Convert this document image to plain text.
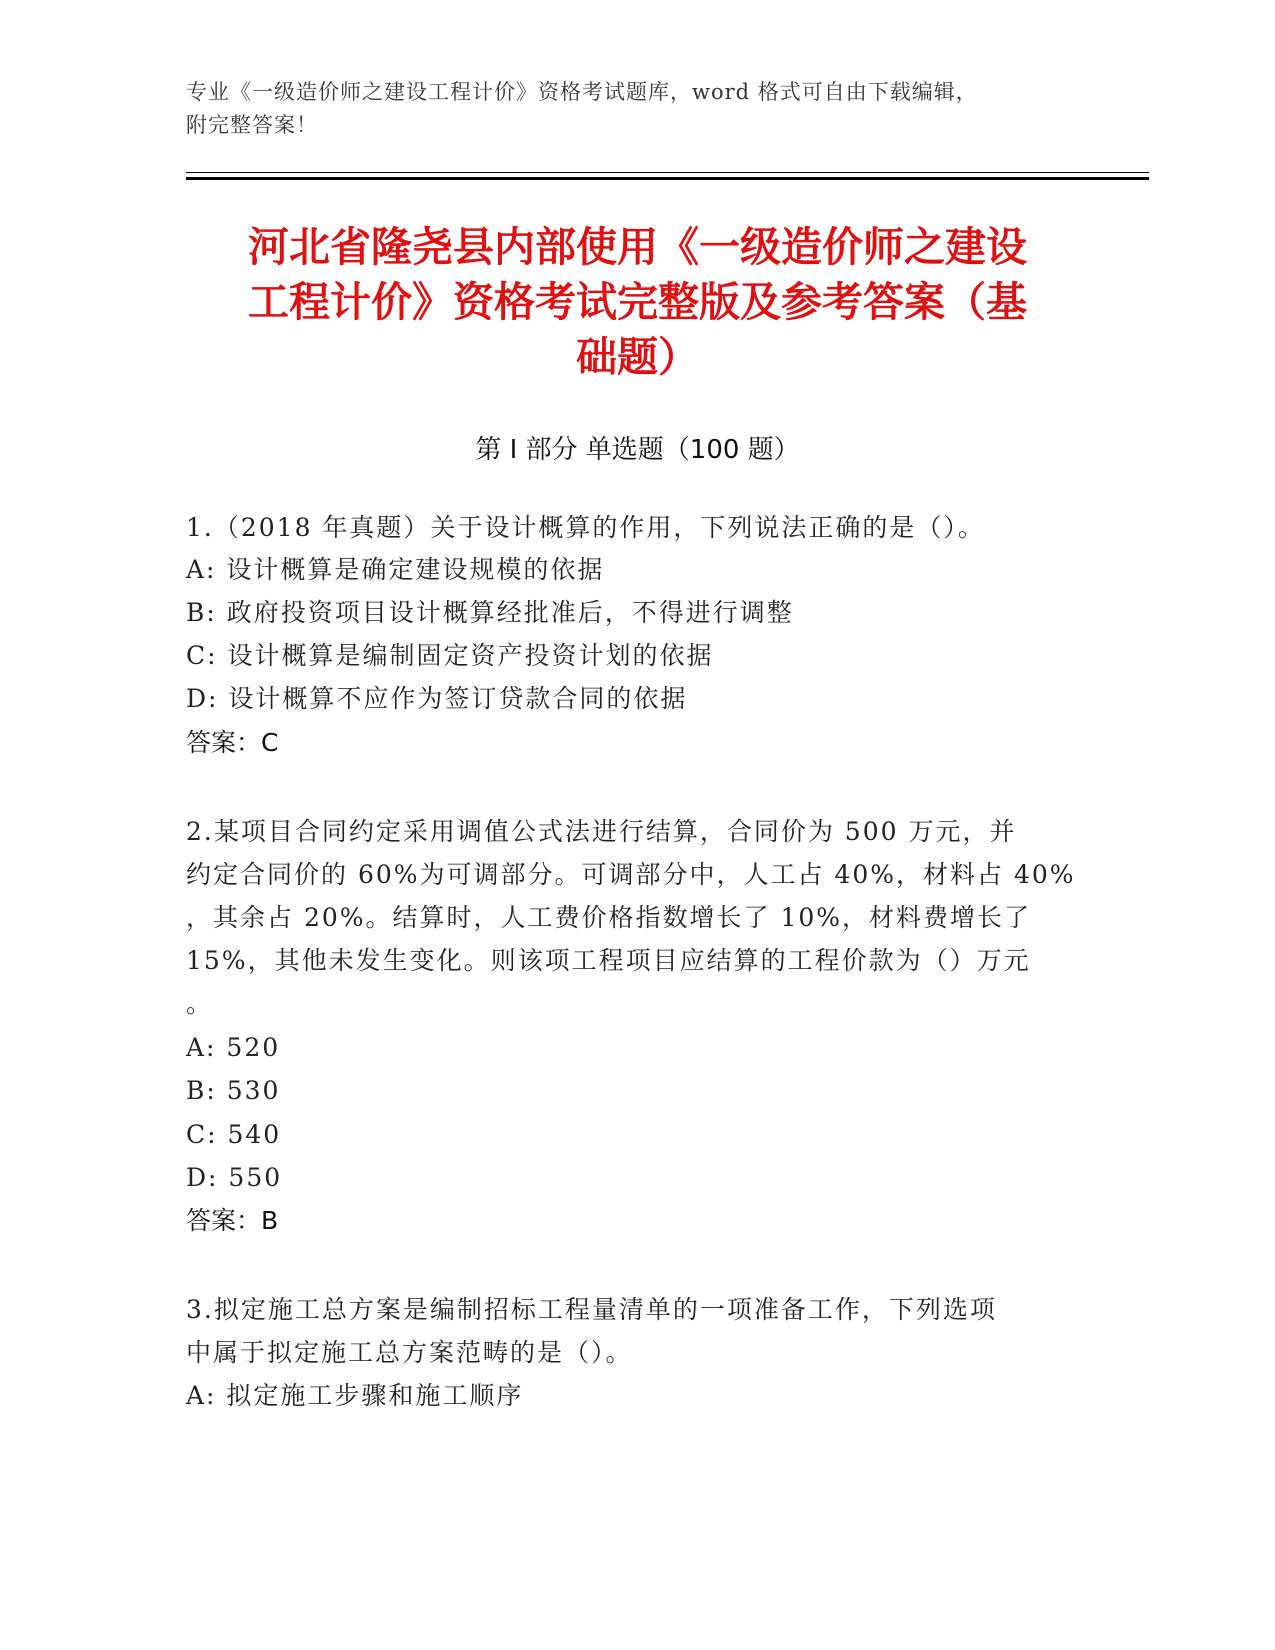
专业《一级造价师之建设工程计价》资格考试题库，word 格式可自由下载编辑，
附完整答案！
河北省隆尧县内部使用《一级造价师之建设
工程计价》资格考试完整版及参考答案（基
础题）
第 I 部分 单选题（100 题）
1.（2018 年真题）关于设计概算的作用，下列说法正确的是（）。
A: 设计概算是确定建设规模的依据
B: 政府投资项目设计概算经批准后，不得进行调整
C: 设计概算是编制固定资产投资计划的依据
D: 设计概算不应作为签订贷款合同的依据
答案：C
2.某项目合同约定采用调值公式法进行结算，合同价为 500 万元，并
约定合同价的 60%为可调部分。可调部分中，人工占 40%，材料占 40%
，其余占 20%。结算时，人工费价格指数增长了 10%，材料费增长了
15%，其他未发生变化。则该项工程项目应结算的工程价款为（）万元
。
A: 520
B: 530
C: 540
D: 550
答案：B
3.拟定施工总方案是编制招标工程量清单的一项准备工作，下列选项
中属于拟定施工总方案范畴的是（）。
A: 拟定施工步骤和施工顺序
